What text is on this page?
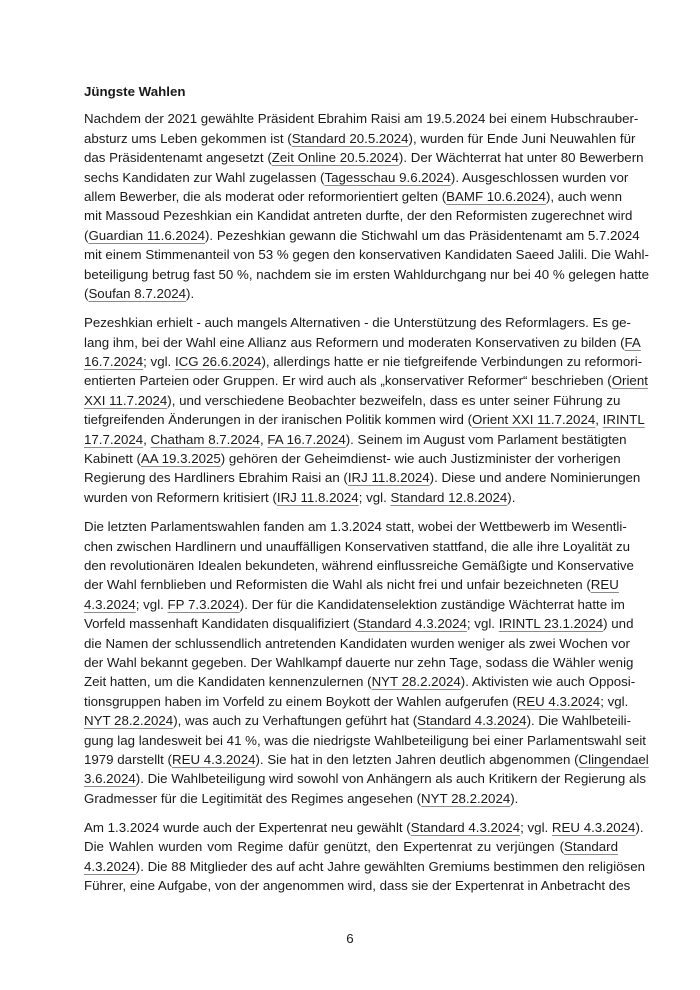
Jüngste Wahlen
Nachdem der 2021 gewählte Präsident Ebrahim Raisi am 19.5.2024 bei einem Hubschrauber-
absturz ums Leben gekommen ist (Standard 20.5.2024), wurden für Ende Juni Neuwahlen für
das Präsidentenamt angesetzt (Zeit Online 20.5.2024). Der Wächterrat hat unter 80 Bewerbern
sechs Kandidaten zur Wahl zugelassen (Tagesschau 9.6.2024). Ausgeschlossen wurden vor
allem Bewerber, die als moderat oder reformorientiert gelten (BAMF 10.6.2024), auch wenn
mit Massoud Pezeshkian ein Kandidat antreten durfte, der den Reformisten zugerechnet wird
(Guardian 11.6.2024). Pezeshkian gewann die Stichwahl um das Präsidentenamt am 5.7.2024
mit einem Stimmenanteil von 53 % gegen den konservativen Kandidaten Saeed Jalili. Die Wahl-
beteiligung betrug fast 50 %, nachdem sie im ersten Wahldurchgang nur bei 40 % gelegen hatte
(Soufan 8.7.2024).
Pezeshkian erhielt - auch mangels Alternativen - die Unterstützung des Reformlagers. Es ge-
lang ihm, bei der Wahl eine Allianz aus Reformern und moderaten Konservativen zu bilden (FA
16.7.2024; vgl. ICG 26.6.2024), allerdings hatte er nie tiefgreifende Verbindungen zu reformori-
entierten Parteien oder Gruppen. Er wird auch als „konservativer Reformer“ beschrieben (Orient
XXI 11.7.2024), und verschiedene Beobachter bezweifeln, dass es unter seiner Führung zu
tiefgreifenden Änderungen in der iranischen Politik kommen wird (Orient XXI 11.7.2024, IRINTL
17.7.2024, Chatham 8.7.2024, FA 16.7.2024). Seinem im August vom Parlament bestätigten
Kabinett (AA 19.3.2025) gehören der Geheimdienst- wie auch Justizminister der vorherigen
Regierung des Hardliners Ebrahim Raisi an (IRJ 11.8.2024). Diese und andere Nominierungen
wurden von Reformern kritisiert (IRJ 11.8.2024; vgl. Standard 12.8.2024).
Die letzten Parlamentswahlen fanden am 1.3.2024 statt, wobei der Wettbewerb im Wesentli-
chen zwischen Hardlinern und unauffälligen Konservativen stattfand, die alle ihre Loyalität zu
den revolutionären Idealen bekundeten, während einflussreiche Gemäßigte und Konservative
der Wahl fernblieben und Reformisten die Wahl als nicht frei und unfair bezeichneten (REU
4.3.2024; vgl. FP 7.3.2024). Der für die Kandidatenselektion zuständige Wächterrat hatte im
Vorfeld massenhaft Kandidaten disqualifiziert (Standard 4.3.2024; vgl. IRINTL 23.1.2024) und
die Namen der schlussendlich antretenden Kandidaten wurden weniger als zwei Wochen vor
der Wahl bekannt gegeben. Der Wahlkampf dauerte nur zehn Tage, sodass die Wähler wenig
Zeit hatten, um die Kandidaten kennenzulernen (NYT 28.2.2024). Aktivisten wie auch Opposi-
tionsgruppen haben im Vorfeld zu einem Boykott der Wahlen aufgerufen (REU 4.3.2024; vgl.
NYT 28.2.2024), was auch zu Verhaftungen geführt hat (Standard 4.3.2024). Die Wahlbeteili-
gung lag landesweit bei 41 %, was die niedrigste Wahlbeteiligung bei einer Parlamentswahl seit
1979 darstellt (REU 4.3.2024). Sie hat in den letzten Jahren deutlich abgenommen (Clingendael
3.6.2024). Die Wahlbeteiligung wird sowohl von Anhängern als auch Kritikern der Regierung als
Gradmesser für die Legitimität des Regimes angesehen (NYT 28.2.2024).
Am 1.3.2024 wurde auch der Expertenrat neu gewählt (Standard 4.3.2024; vgl. REU 4.3.2024).
Die Wahlen wurden vom Regime dafür genützt, den Expertenrat zu verjüngen (Standard
4.3.2024). Die 88 Mitglieder des auf acht Jahre gewählten Gremiums bestimmen den religiösen
Führer, eine Aufgabe, von der angenommen wird, dass sie der Expertenrat in Anbetracht des
6
